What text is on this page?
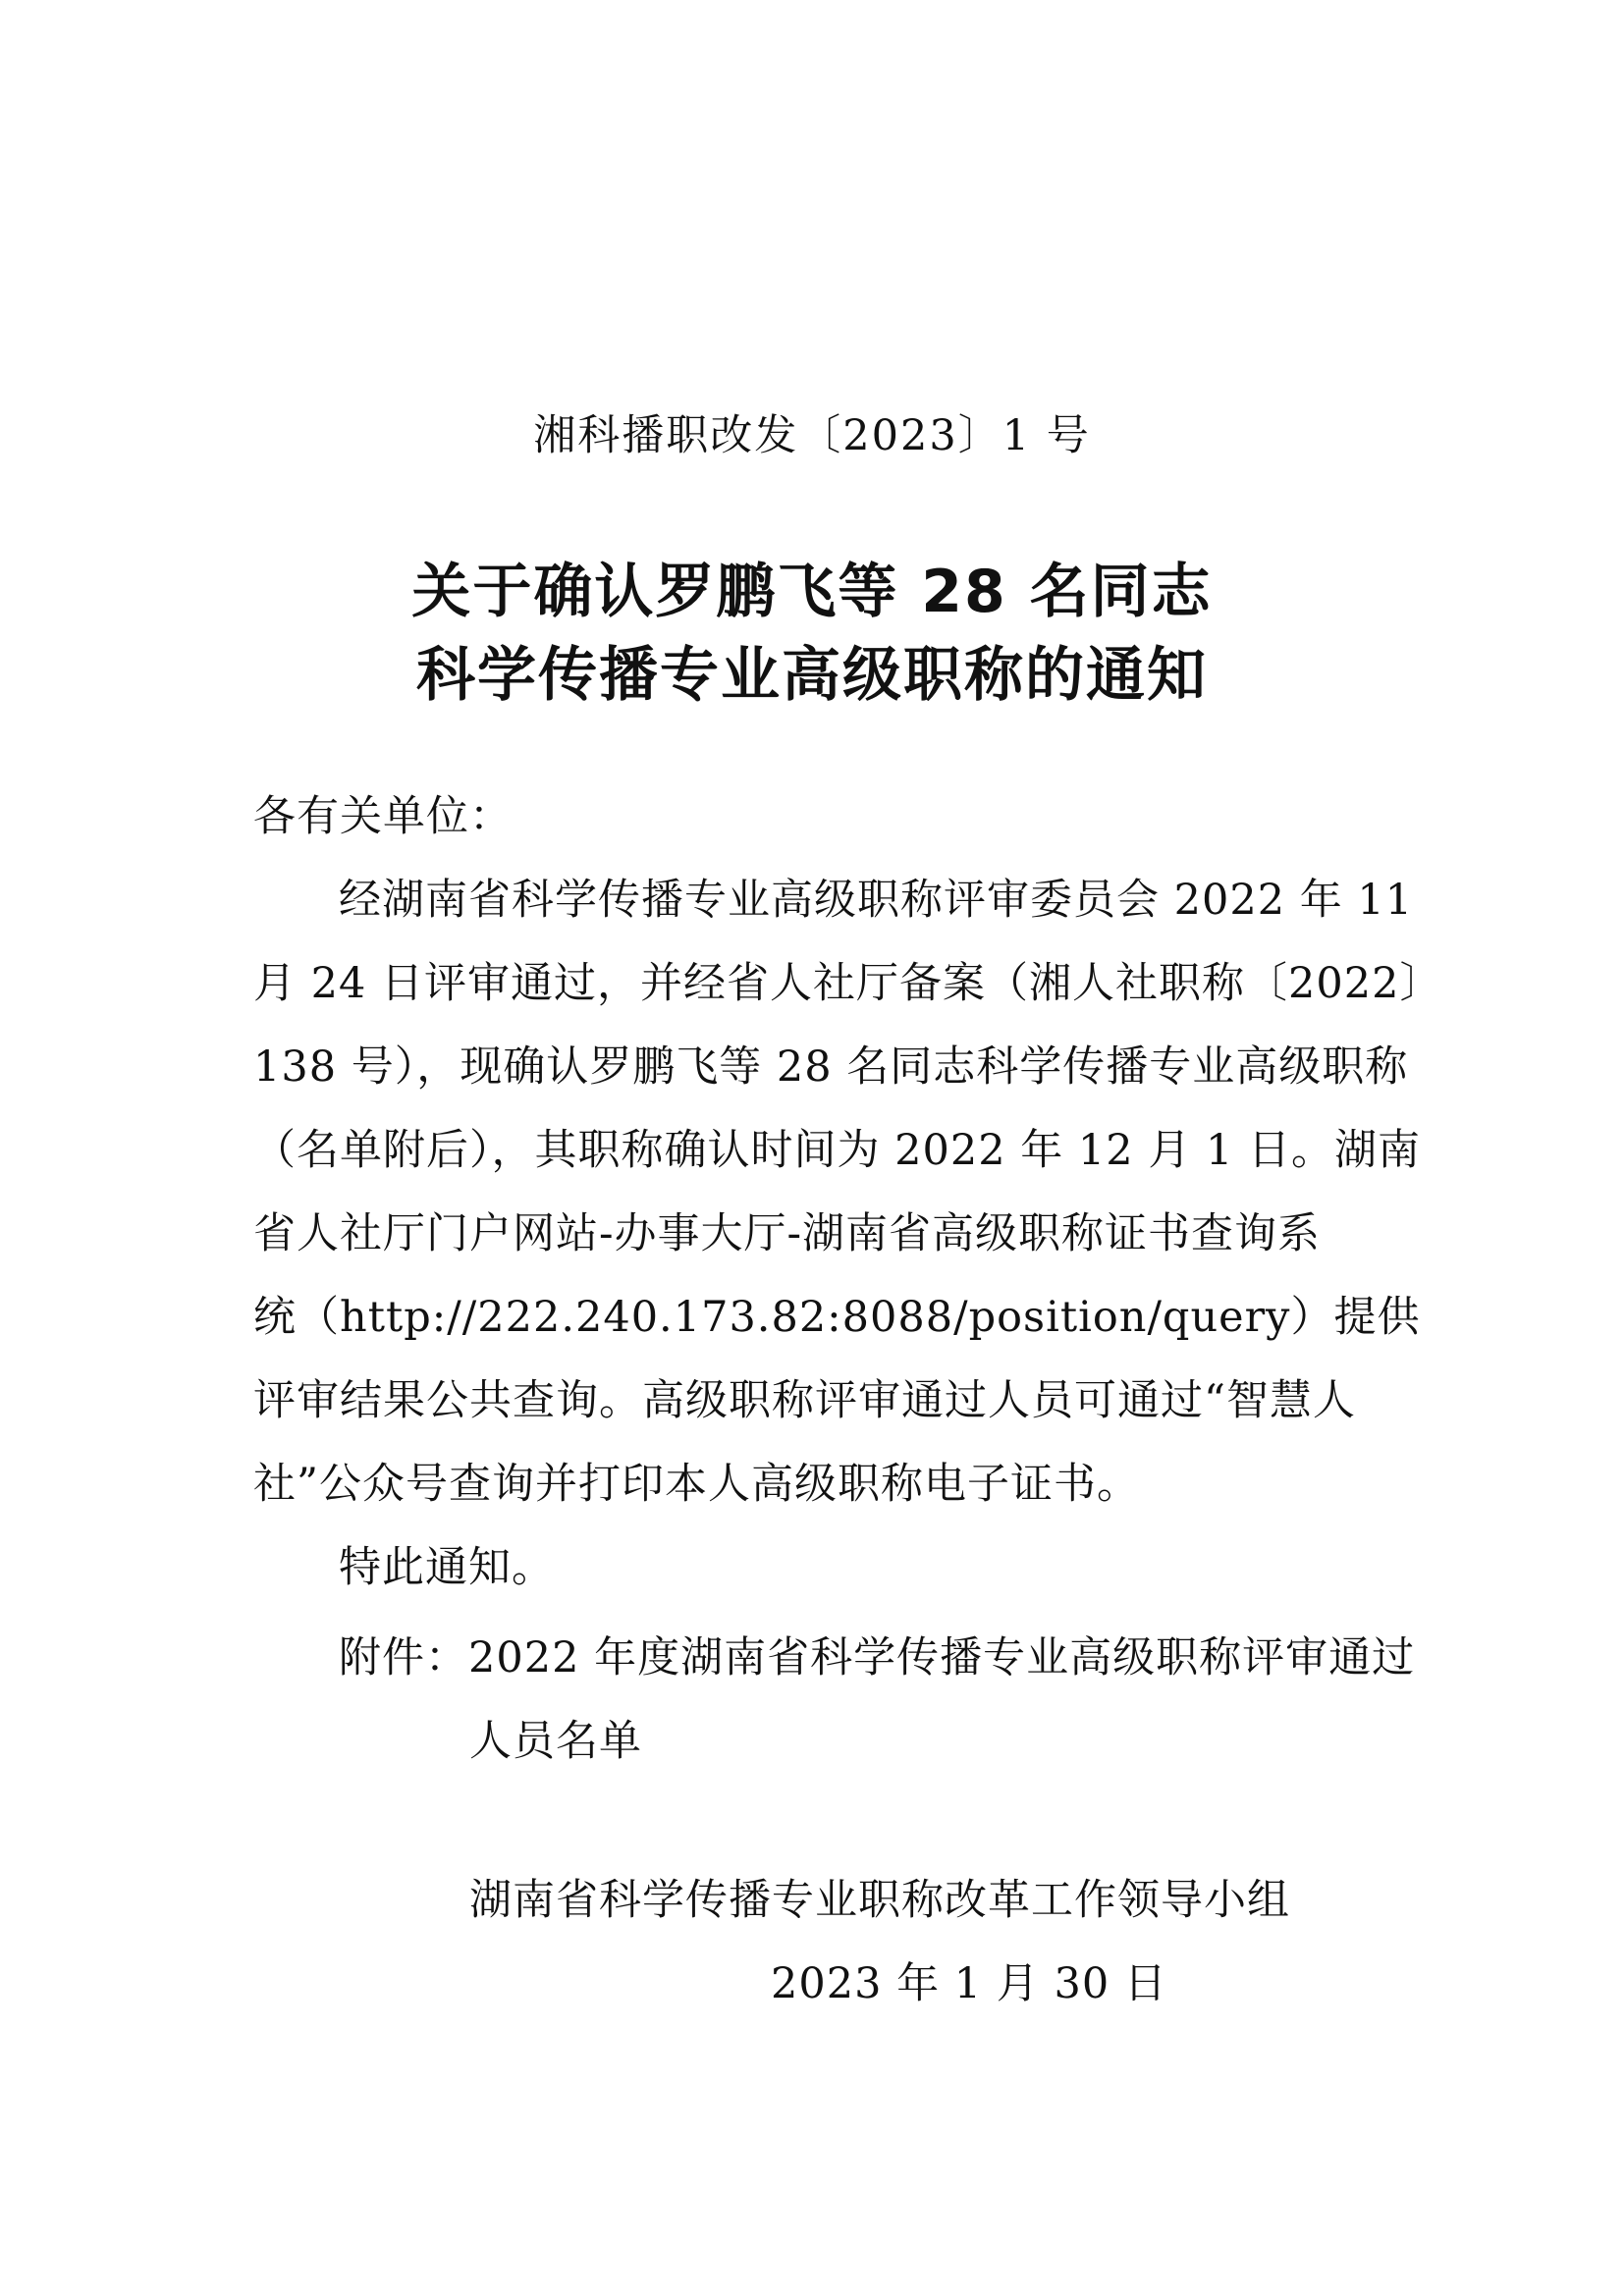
湘科播职改发〔2023〕1 号
关于确认罗鹏飞等 28 名同志
科学传播专业高级职称的通知
各有关单位：
经湖南省科学传播专业高级职称评审委员会 2022 年 11
月 24 日评审通过，并经省人社厅备案（湘人社职称〔2022〕
138 号），现确认罗鹏飞等 28 名同志科学传播专业高级职称
（名单附后），其职称确认时间为 2022 年 12 月 1 日。湖南
省人社厅门户网站-办事大厅-湖南省高级职称证书查询系
统（http://222.240.173.82:8088/position/query）提供
评审结果公共查询。高级职称评审通过人员可通过“智慧人
社”公众号查询并打印本人高级职称电子证书。
特此通知。
附件：2022 年度湖南省科学传播专业高级职称评审通过
人员名单
湖南省科学传播专业职称改革工作领导小组
2023 年 1 月 30 日
